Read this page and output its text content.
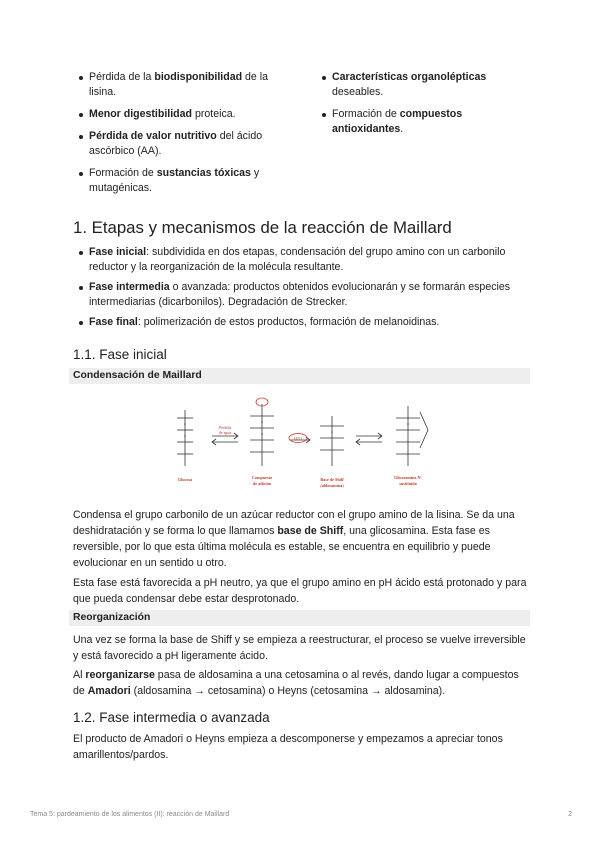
Pérdida de la biodisponibilidad de la lisina.
Menor digestibilidad proteica.
Pérdida de valor nutritivo del ácido ascórbico (AA).
Formación de sustancias tóxicas y mutagénicas.
Características organolépticas deseables.
Formación de compuestos antioxidantes.
1. Etapas y mecanismos de la reacción de Maillard
Fase inicial: subdividida en dos etapas, condensación del grupo amino con un carbonilo reductor y la reorganización de la molécula resultante.
Fase intermedia o avanzada: productos obtenidos evolucionarán y se formarán especies intermediarias (dicarbonilos). Degradación de Strecker.
Fase final: polimerización de estos productos, formación de melanoidinas.
1.1. Fase inicial
Condensación de Maillard
H2O
Pérdida
de agua
Glucosa	Compuesto
de adición
Base de Shiff
(aldosamina)
Glicosamina N-
sustituida

Condensa el grupo carbonilo de un azúcar reductor con el grupo amino de la lisina. Se da una deshidratación y se forma lo que llamamos base de Shiff, una glicosamina. Esta fase es reversible, por lo que esta última molécula es estable, se encuentra en equilibrio y puede evolucionar en un sentido u otro.

Esta fase está favorecida a pH neutro, ya que el grupo amino en pH ácido está protonado y para que pueda condensar debe estar desprotonado.

Reorganización

Una vez se forma la base de Shiff y se empieza a reestructurar, el proceso se vuelve irreversible y está favorecido a pH ligeramente ácido.

Al reorganizarse pasa de aldosamina a una cetosamina o al revés, dando lugar a compuestos de Amadori (aldosamina → cetosamina) o Heyns (cetosamina → aldosamina).

1.2. Fase intermedia o avanzada

El producto de Amadori o Heyns empieza a descomponerse y empezamos a apreciar tonos amarillentos/pardos.

Tema 5: pardeamiento de los alimentos (II): reacción de Maillard	2
